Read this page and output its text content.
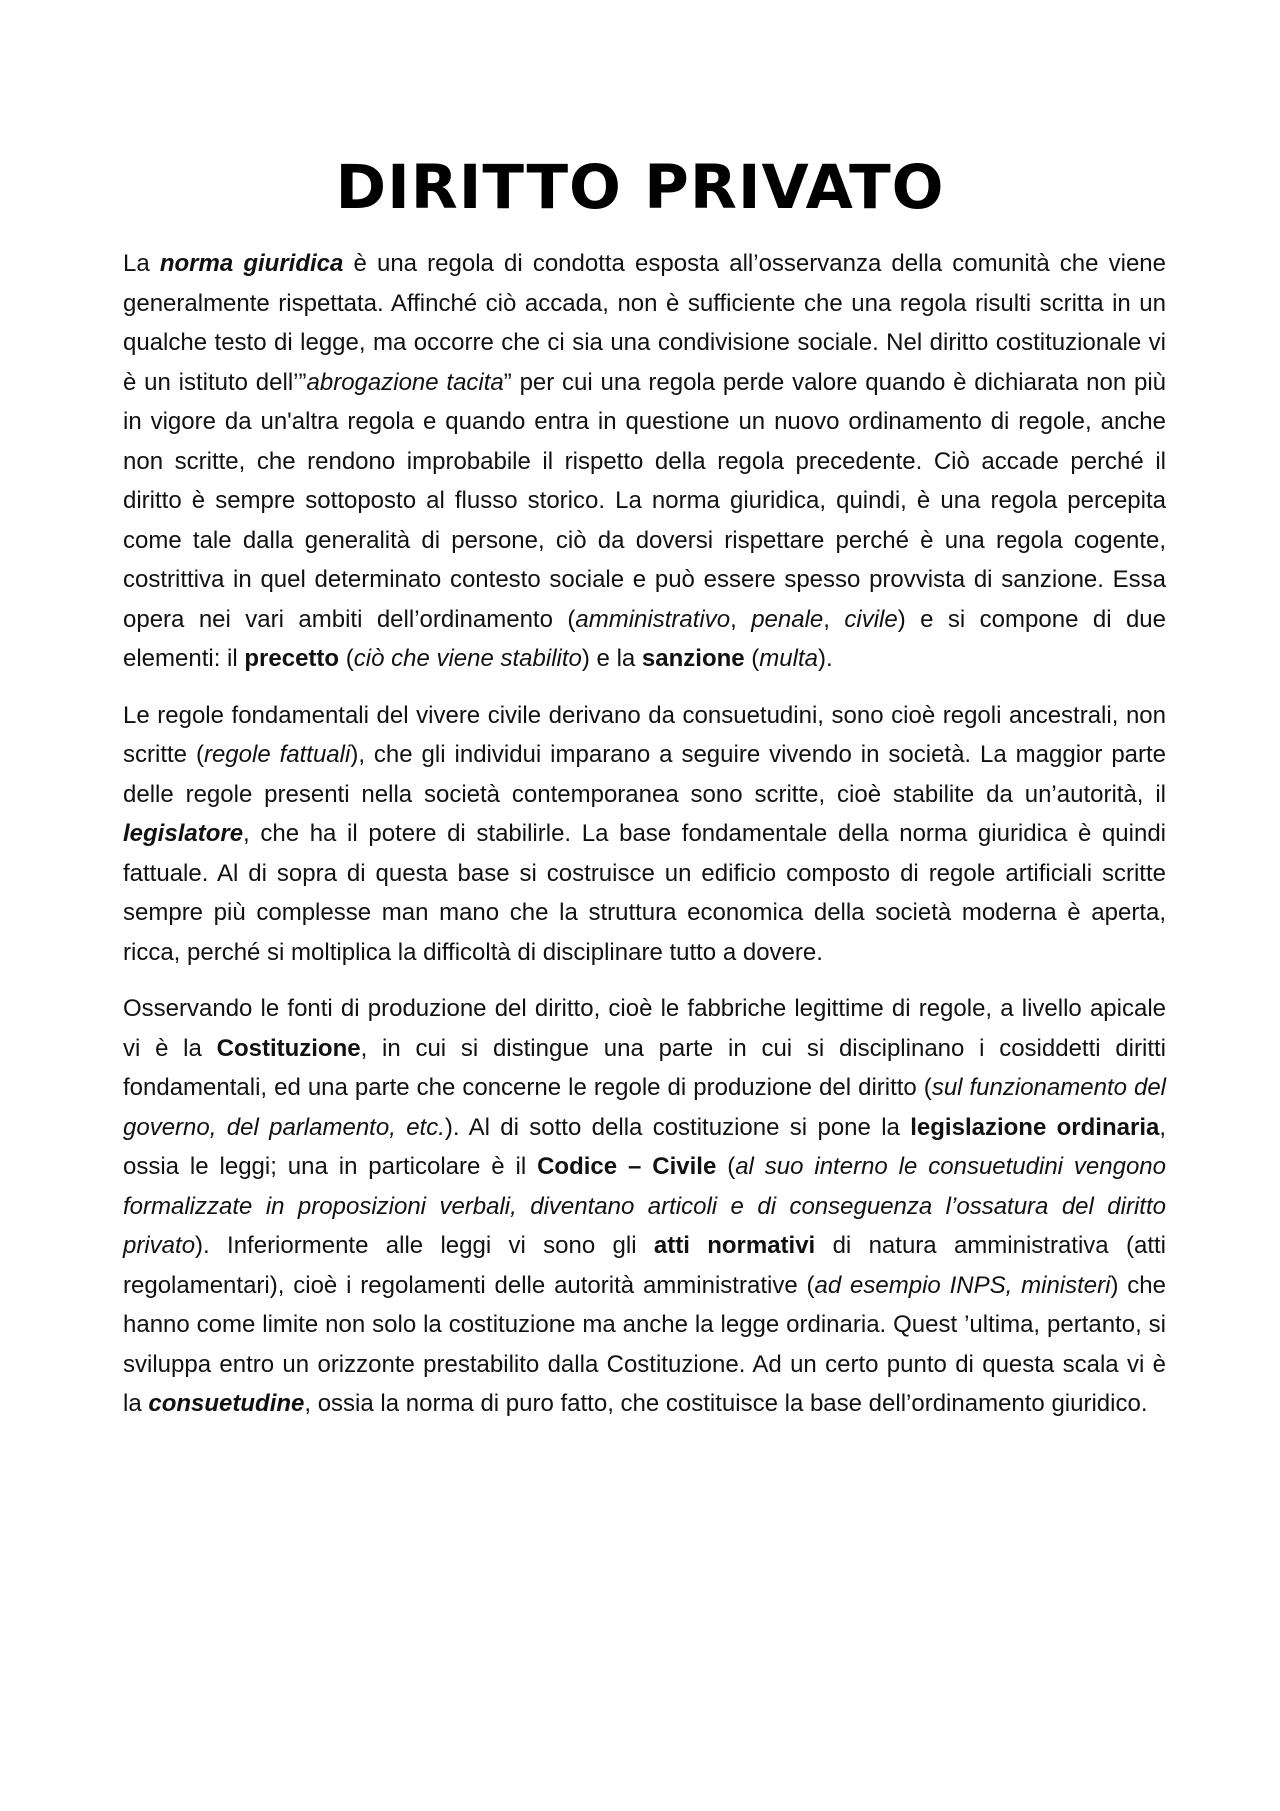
DIRITTO PRIVATO

La norma giuridica è una regola di condotta esposta all’osservanza della comunità che viene generalmente rispettata. Affinché ciò accada, non è sufficiente che una regola risulti scritta in un qualche testo di legge, ma occorre che ci sia una condivisione sociale. Nel diritto costituzionale vi è un istituto dell’”abrogazione tacita” per cui una regola perde valore quando è dichiarata non più in vigore da un'altra regola e quando entra in questione un nuovo ordinamento di regole, anche non scritte, che rendono improbabile il rispetto della regola precedente. Ciò accade perché il diritto è sempre sottoposto al flusso storico. La norma giuridica, quindi, è una regola percepita come tale dalla generalità di persone, ciò da doversi rispettare perché è una regola cogente, costrittiva in quel determinato contesto sociale e può essere spesso provvista di sanzione. Essa opera nei vari ambiti dell’ordinamento (amministrativo, penale, civile) e si compone di due elementi: il precetto (ciò che viene stabilito) e la sanzione (multa).

Le regole fondamentali del vivere civile derivano da consuetudini, sono cioè regoli ancestrali, non scritte (regole fattuali), che gli individui imparano a seguire vivendo in società. La maggior parte delle regole presenti nella società contemporanea sono scritte, cioè stabilite da un’autorità, il legislatore, che ha il potere di stabilirle. La base fondamentale della norma giuridica è quindi fattuale. Al di sopra di questa base si costruisce un edificio composto di regole artificiali scritte sempre più complesse man mano che la struttura economica della società moderna è aperta, ricca, perché si moltiplica la difficoltà di disciplinare tutto a dovere.

Osservando le fonti di produzione del diritto, cioè le fabbriche legittime di regole, a livello apicale vi è la Costituzione, in cui si distingue una parte in cui si disciplinano i cosiddetti diritti fondamentali, ed una parte che concerne le regole di produzione del diritto (sul funzionamento del governo, del parlamento, etc.). Al di sotto della costituzione si pone la legislazione ordinaria, ossia le leggi; una in particolare è il Codice – Civile (al suo interno le consuetudini vengono formalizzate in proposizioni verbali, diventano articoli e di conseguenza l’ossatura del diritto privato). Inferiormente alle leggi vi sono gli atti normativi di natura amministrativa (atti regolamentari), cioè i regolamenti delle autorità amministrative (ad esempio INPS, ministeri) che hanno come limite non solo la costituzione ma anche la legge ordinaria. Quest ’ultima, pertanto, si sviluppa entro un orizzonte prestabilito dalla Costituzione. Ad un certo punto di questa scala vi è la consuetudine, ossia la norma di puro fatto, che costituisce la base dell’ordinamento giuridico.
